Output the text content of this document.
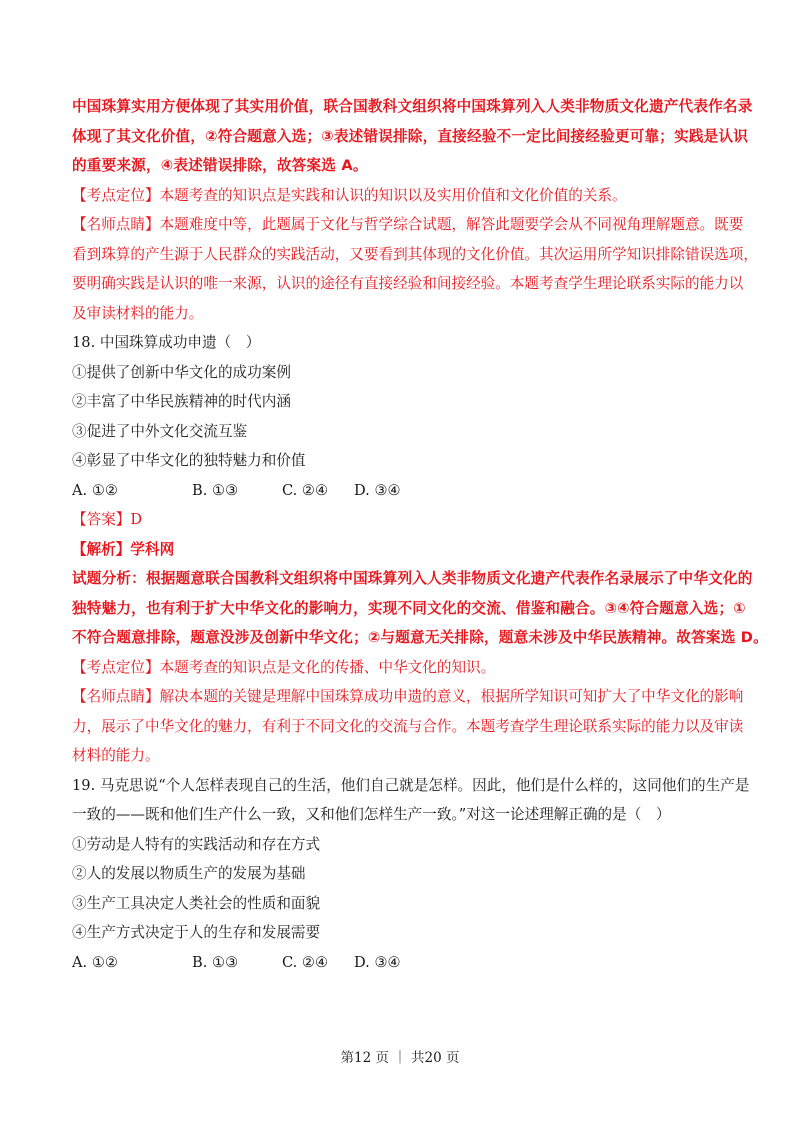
中国珠算实用方便体现了其实用价值，联合国教科文组织将中国珠算列入人类非物质文化遗产代表作名录
体现了其文化价值，②符合题意入选；③表述错误排除，直接经验不一定比间接经验更可靠；实践是认识
的重要来源，④表述错误排除，故答案选 A。
【考点定位】本题考查的知识点是实践和认识的知识以及实用价值和文化价值的关系。
【名师点睛】本题难度中等，此题属于文化与哲学综合试题，解答此题要学会从不同视角理解题意。既要
看到珠算的产生源于人民群众的实践活动，又要看到其体现的文化价值。其次运用所学知识排除错误选项，
要明确实践是认识的唯一来源，认识的途径有直接经验和间接经验。本题考查学生理论联系实际的能力以
及审读材料的能力。
18. 中国珠算成功申遗（　）
①提供了创新中华文化的成功案例
②丰富了中华民族精神的时代内涵
③促进了中外文化交流互鉴
④彰显了中华文化的独特魅力和价值
A. ①②	B. ①③	C. ②④	D. ③④
【答案】D
【解析】学科网
试题分析：根据题意联合国教科文组织将中国珠算列入人类非物质文化遗产代表作名录展示了中华文化的
独特魅力，也有利于扩大中华文化的影响力，实现不同文化的交流、借鉴和融合。③④符合题意入选；①
不符合题意排除，题意没涉及创新中华文化；②与题意无关排除，题意未涉及中华民族精神。故答案选 D。
【考点定位】本题考查的知识点是文化的传播、中华文化的知识。
【名师点睛】解决本题的关键是理解中国珠算成功申遗的意义，根据所学知识可知扩大了中华文化的影响
力，展示了中华文化的魅力，有利于不同文化的交流与合作。本题考查学生理论联系实际的能力以及审读
材料的能力。
19. 马克思说“个人怎样表现自己的生活，他们自己就是怎样。因此，他们是什么样的，这同他们的生产是
一致的——既和他们生产什么一致，又和他们怎样生产一致。”对这一论述理解正确的是（　）
①劳动是人特有的实践活动和存在方式
②人的发展以物质生产的发展为基础
③生产工具决定人类社会的性质和面貌
④生产方式决定于人的生存和发展需要
A. ①②	B. ①③	C. ②④	D. ③④
第12 页 ｜ 共20 页
